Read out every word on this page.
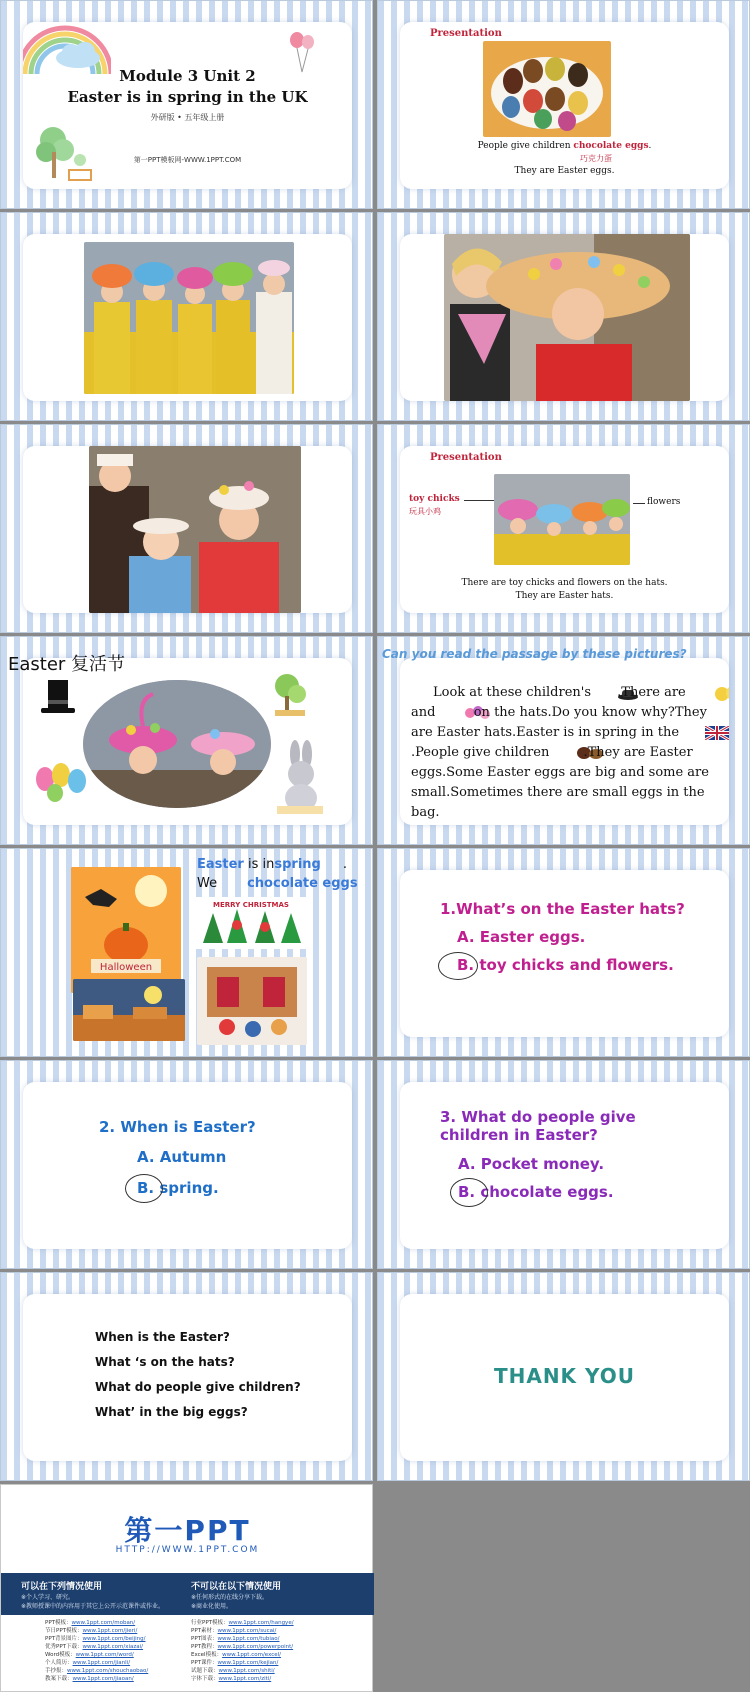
Module 3 Unit 2
Easter is in spring in the UK
外研版 • 五年级上册
第一PPT模板网-WWW.1PPT.COM
Presentation
People give children chocolate eggs.
巧克力蛋
They are Easter eggs.
Presentation
toy chicks
玩具小鸡
flowers
There are toy chicks and flowers on the hats.
They are Easter hats.
Easter 复活节
Look at these children's .There are
and	on the hats.Do you know why?They are Easter hats.Easter is in spring in the .People give children	.They are Easter eggs.Some Easter eggs are big and some are small.Sometimes there are small eggs in the bag.
Can you read the passage by these pictures?
Halloween
MERRY CHRISTMAS
Easter is inspring .
We chocolate eggs
1.What’s on the Easter hats?
A. Easter eggs.
B. toy chicks and flowers.
2. When is Easter?
A. Autumn
B. spring.
3. What do people give
children in Easter?
A. Pocket money.
B. chocolate eggs.
When is the Easter?
What ‘s on the hats?
What do people give children?
What’ in the big eggs?
THANK YOU
第一PPT
HTTP://WWW.1PPT.COM
可以在下列情况使用
※个人学习、研究。
※教师授课中的内容用于其它上公开示范课件或作业。
不可以在以下情况使用
※任何形式的在线分享下载。
※商业化使用。
PPT模板：www.1ppt.com/moban/
节日PPT模板：www.1ppt.com/jieri/
PPT背景图片：www.1ppt.com/beijing/
优秀PPT下载：www.1ppt.com/xiazai/
Word模板：www.1ppt.com/word/
个人简历：www.1ppt.com/jianli/
手抄报：www.1ppt.com/shouchaobao/
教案下载：www.1ppt.com/jiaoan/
行业PPT模板：www.1ppt.com/hangye/
PPT素材：www.1ppt.com/sucai/
PPT图表：www.1ppt.com/tubiao/
PPT教程：www.1ppt.com/powerpoint/
Excel模板：www.1ppt.com/excel/
PPT课件：www.1ppt.com/kejian/
试题下载：www.1ppt.com/shiti/
字体下载：www.1ppt.com/ziti/
